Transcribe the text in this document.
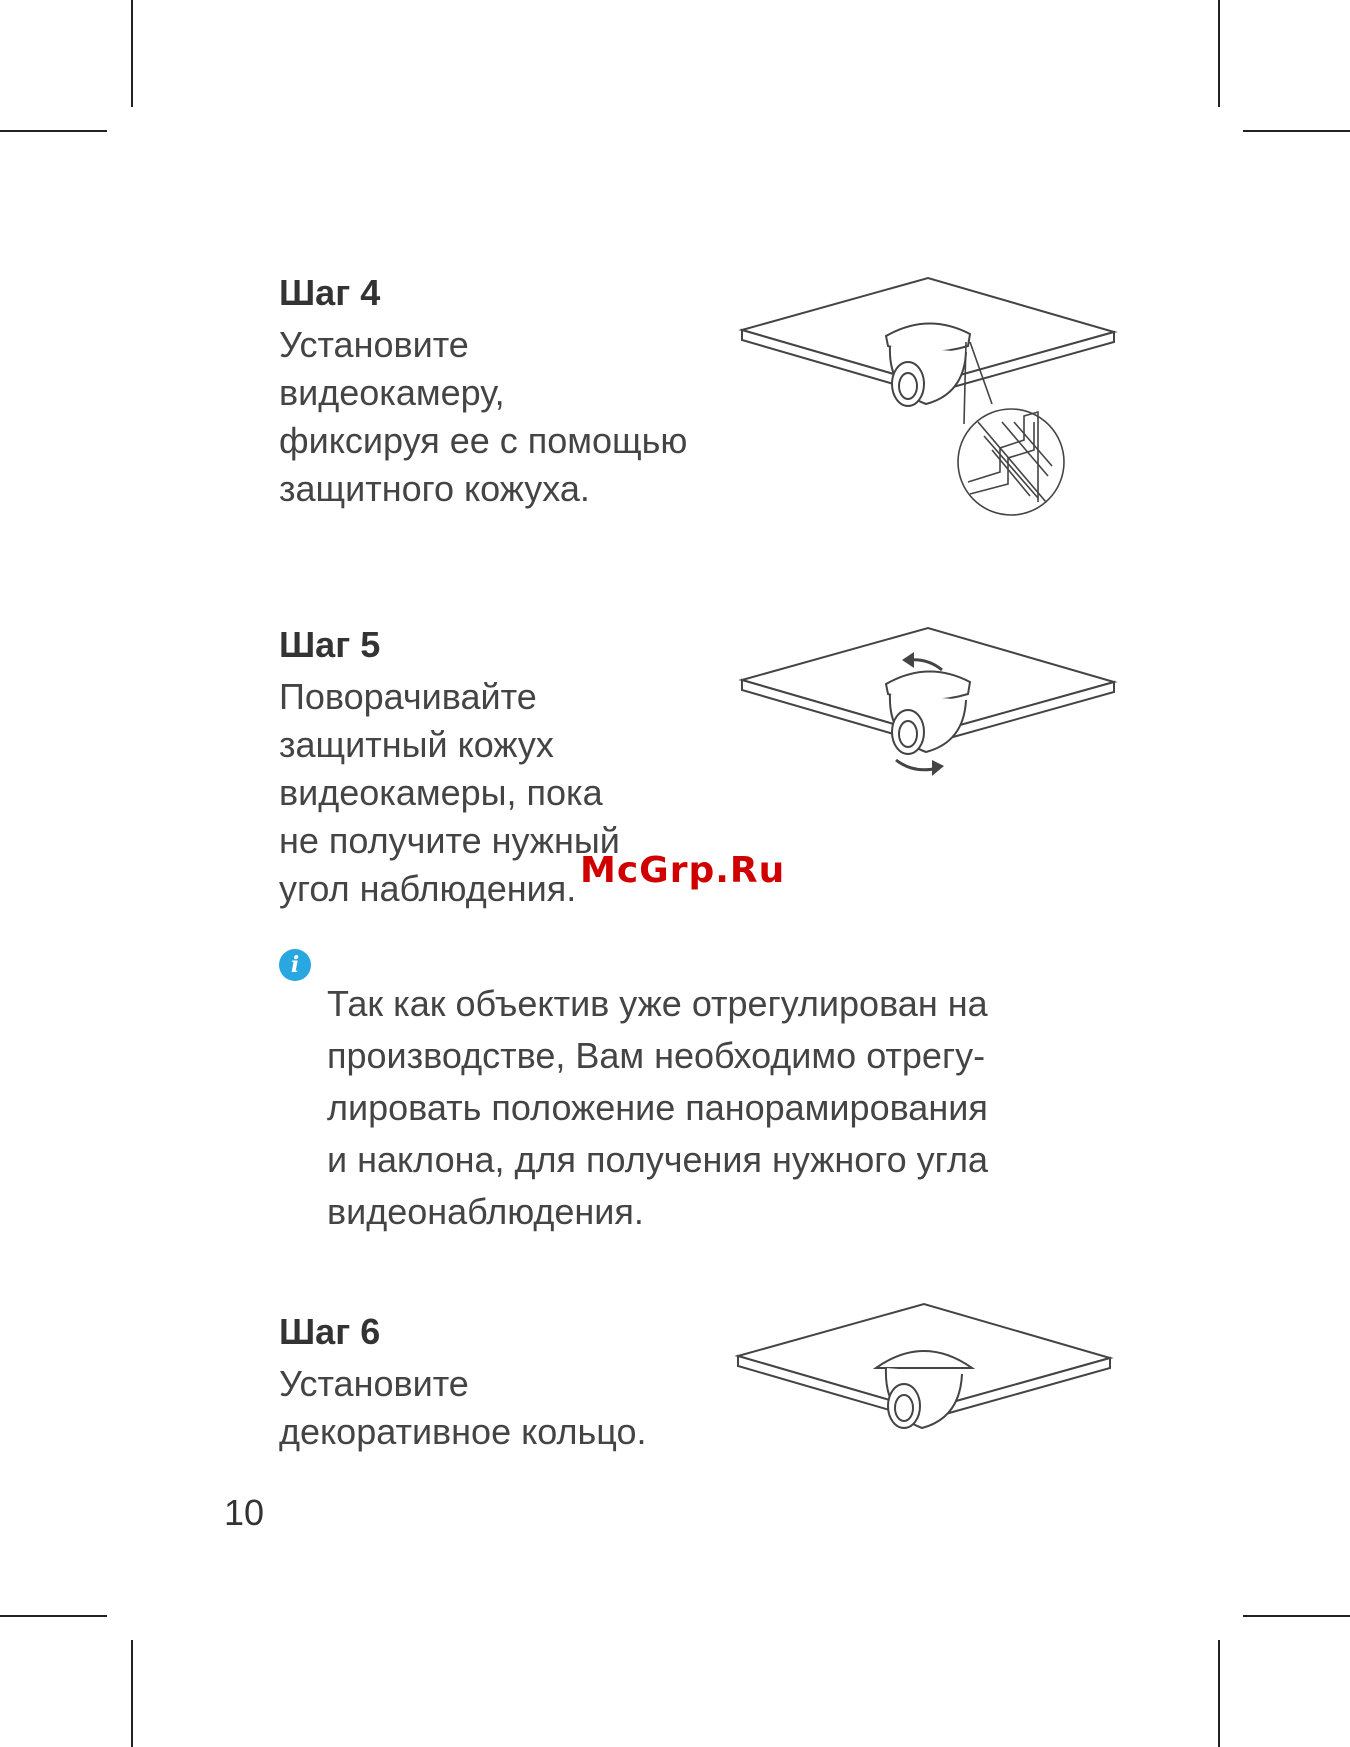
Шаг 4

Установите
видеокамеру,
фиксируя ее с помощью
защитного кожуха.

Шаг 5

Поворачивайте
защитный кожух
видеокамеры, пока
не получите нужный
угол наблюдения.

i

Так как объектив уже отрегулирован на
производстве, Вам необходимо отрегу-
лировать положение панорамирования
и наклона, для получения нужного угла
видеонаблюдения.

Шаг 6

Установите
декоративное кольцо.

McGrp.Ru
10
